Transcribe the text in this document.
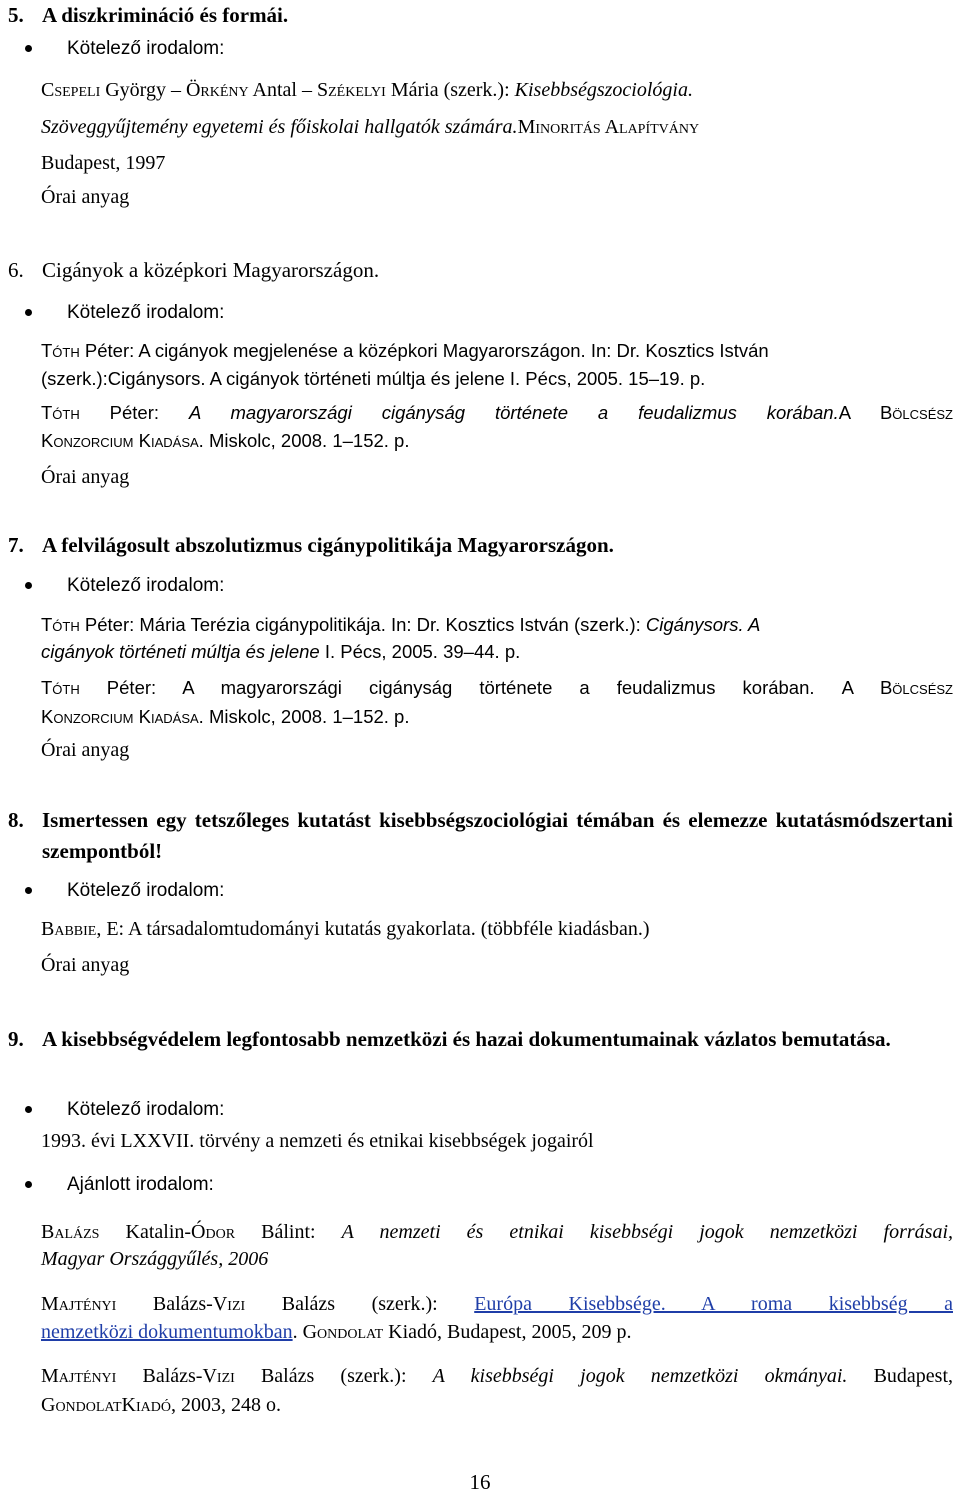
5. A diszkrimináció és formái.
Kötelező irodalom:
Csepeli György – Örkény Antal – Székelyi Mária (szerk.): Kisebbségszociológia.
Szöveggyűjtemény egyetemi és főiskolai hallgatók számára.Minoritás Alapítvány
Budapest, 1997
Órai anyag
6. Cigányok a középkori Magyarországon.
Kötelező irodalom:
Tóth Péter: A cigányok megjelenése a középkori Magyarországon. In: Dr. Kosztics István
(szerk.):Cigánysors. A cigányok történeti múltja és jelene I. Pécs, 2005. 15–19. p.
Tóth Péter: A magyarországi cigányság története a feudalizmus korában.A Bölcsész
Konzorcium Kiadása. Miskolc, 2008. 1–152. p.
Órai anyag
7. A felvilágosult abszolutizmus cigánypolitikája Magyarországon.
Kötelező irodalom:
Tóth Péter: Mária Terézia cigánypolitikája. In: Dr. Kosztics István (szerk.): Cigánysors. A
cigányok történeti múltja és jelene I. Pécs, 2005. 39–44. p.
Tóth Péter: A magyarországi cigányság története a feudalizmus korában. A Bölcsész
Konzorcium Kiadása. Miskolc, 2008. 1–152. p.
Órai anyag
8. Ismertessen egy tetszőleges kutatást kisebbségszociológiai témában és elemezze kutatásmódszertani szempontból!
Kötelező irodalom:
Babbie, E: A társadalomtudományi kutatás gyakorlata. (többféle kiadásban.)
Órai anyag
9. A kisebbségvédelem legfontosabb nemzetközi és hazai dokumentumainak vázlatos bemutatása.
Kötelező irodalom:
1993. évi LXXVII. törvény a nemzeti és etnikai kisebbségek jogairól
Ajánlott irodalom:
Balázs Katalin-Ódor Bálint: A nemzeti és etnikai kisebbségi jogok nemzetközi forrásai,
Magyar Országgyűlés, 2006
Majtényi Balázs-Vizi Balázs (szerk.): Európa Kisebbsége. A roma kisebbség a
nemzetközi dokumentumokban. Gondolat Kiadó, Budapest, 2005, 209 p.
Majtényi Balázs-Vizi Balázs (szerk.): A kisebbségi jogok nemzetközi okmányai. Budapest,
GondolatKiadó, 2003, 248 o.
16
